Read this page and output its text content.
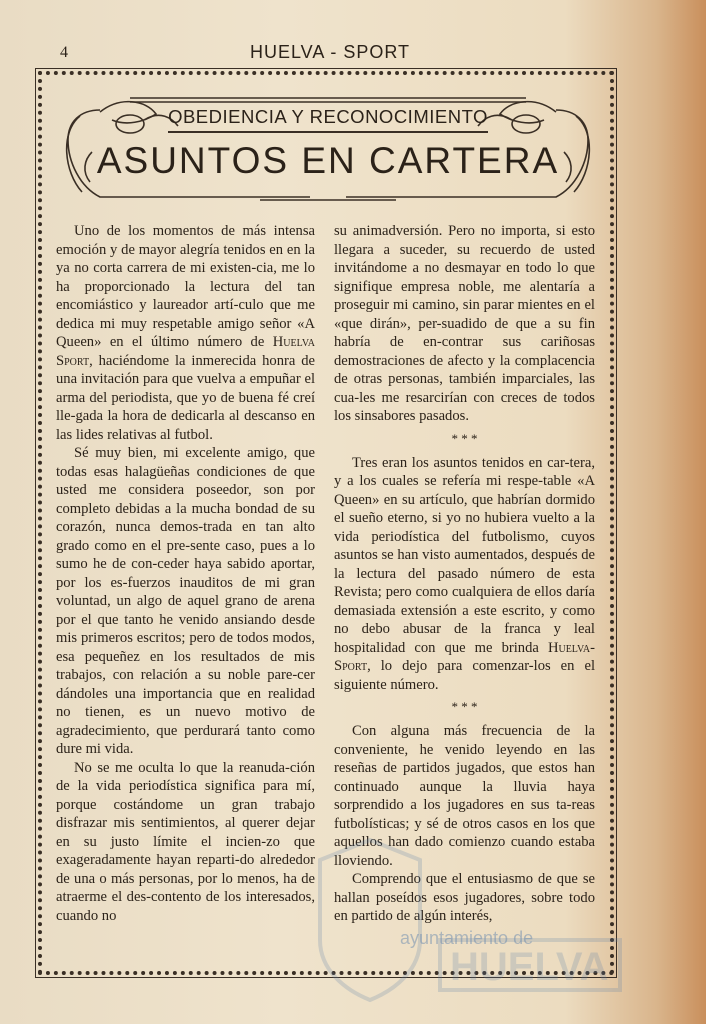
4	HUELVA - SPORT
OBEDIENCIA Y RECONOCIMIENTO
ASUNTOS EN CARTERA

Uno de los momentos de más intensa emoción y de mayor alegría tenidos en en la ya no corta carrera de mi existen-cia, me lo ha proporcionado la lectura del tan encomiástico y laureador artí-culo que me dedica mi muy respetable amigo señor «A Queen» en el último número de Huelva Sport, haciéndome la inmerecida honra de una invitación para que vuelva a empuñar el arma del periodista, que yo de buena fé creí lle-gada la hora de dedicarla al descanso en las lides relativas al futbol.

Sé muy bien, mi excelente amigo, que todas esas halagüeñas condiciones de que usted me considera poseedor, son por completo debidas a la mucha bondad de su corazón, nunca demos-trada en tan alto grado como en el pre-sente caso, pues a lo sumo he de con-ceder haya sabido aportar, por los es-fuerzos inauditos de mi gran voluntad, un algo de aquel grano de arena por el que tanto he venido ansiando desde mis primeros escritos; pero de todos modos, esa pequeñez en los resultados de mis trabajos, con relación a su noble pare-cer dándoles una importancia que en realidad no tienen, es un nuevo motivo de agradecimiento, que perdurará tanto como dure mi vida.

No se me oculta lo que la reanuda-ción de la vida periodística significa para mí, porque costándome un gran trabajo disfrazar mis sentimientos, al querer dejar en su justo límite el incien-zo que exageradamente hayan reparti-do alrededor de una o más personas, por lo menos, ha de atraerme el des-contento de los interesados, cuando no

su animadversión. Pero no importa, si esto llegara a suceder, su recuerdo de usted invitándome a no desmayar en todo lo que signifique empresa noble, me alentaría a proseguir mi camino, sin parar mientes en el «que dirán», per-suadido de que a su fin habría de en-contrar sus cariñosas demostraciones de afecto y la complacencia de otras personas, también imparciales, las cua-les me resarcirían con creces de todos los sinsabores pasados.

* * *

Tres eran los asuntos tenidos en car-tera, y a los cuales se refería mi respe-table «A Queen» en su artículo, que habrían dormido el sueño eterno, si yo no hubiera vuelto a la vida periodística del futbolismo, cuyos asuntos se han visto aumentados, después de la lectura del pasado número de esta Revista; pero como cualquiera de ellos daría demasiada extensión a este escrito, y como no debo abusar de la franca y leal hospitalidad con que me brinda Huelva-Sport, lo dejo para comenzar-los en el siguiente número.

* * *

Con alguna más frecuencia de la conveniente, he venido leyendo en las reseñas de partidos jugados, que estos han continuado aunque la lluvia haya sorprendido a los jugadores en sus ta-reas futbolísticas; y sé de otros casos en los que aquellos han dado comienzo cuando estaba lloviendo.

Comprendo que el entusiasmo de que se hallan poseídos esos jugadores, sobre todo en partido de algún interés,

HUELVA
ayuntamiento de
